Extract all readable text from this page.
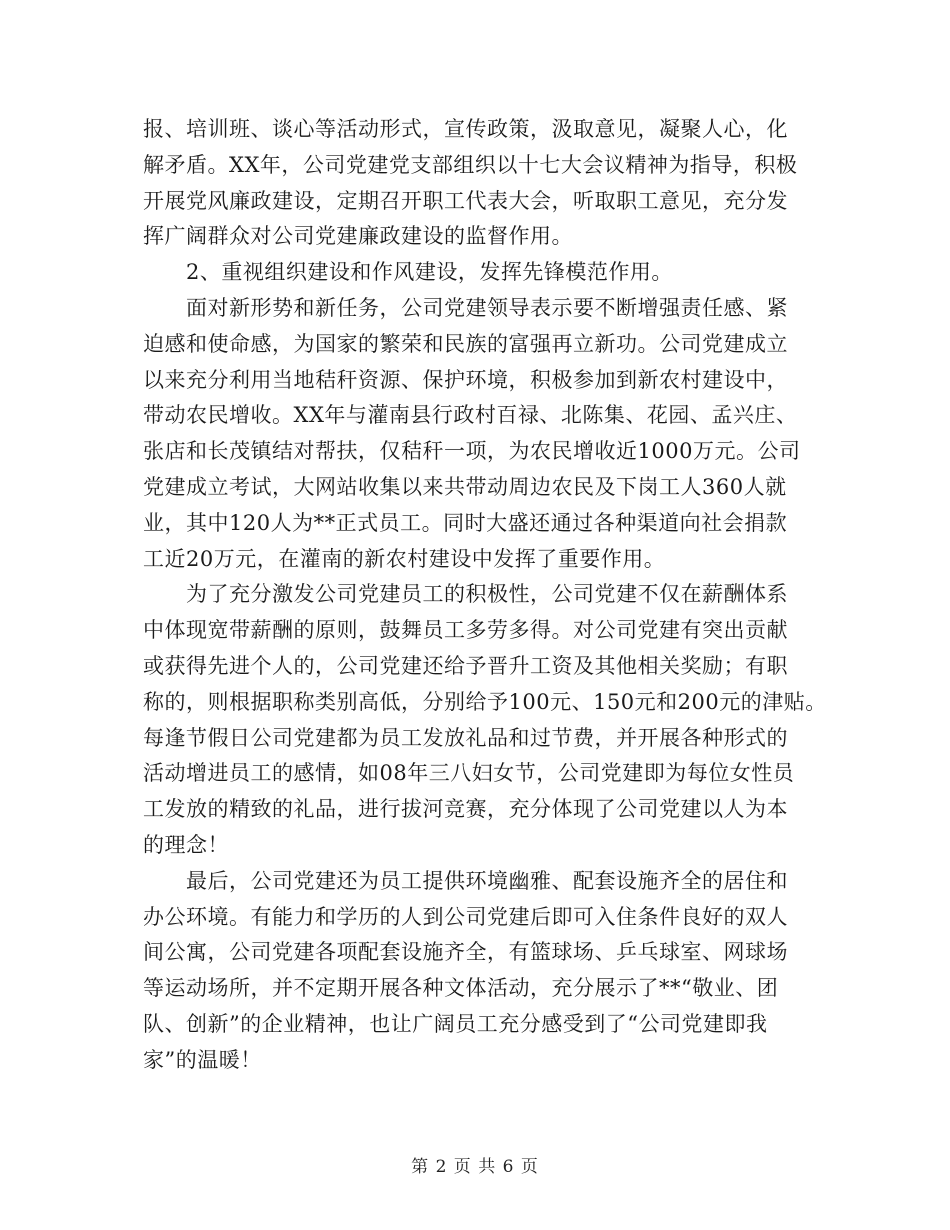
报、培训班、谈心等活动形式，宣传政策，汲取意见，凝聚人心，化
解矛盾。XX年，公司党建党支部组织以十七大会议精神为指导，积极
开展党风廉政建设，定期召开职工代表大会，听取职工意见，充分发
挥广阔群众对公司党建廉政建设的监督作用。
　　2、重视组织建设和作风建设，发挥先锋模范作用。
　　面对新形势和新任务，公司党建领导表示要不断增强责任感、紧
迫感和使命感，为国家的繁荣和民族的富强再立新功。公司党建成立
以来充分利用当地秸秆资源、保护环境，积极参加到新农村建设中，
带动农民增收。XX年与灌南县行政村百禄、北陈集、花园、孟兴庄、
张店和长茂镇结对帮扶，仅秸秆一项，为农民增收近1000万元。公司
党建成立考试，大网站收集以来共带动周边农民及下岗工人360人就
业，其中120人为**正式员工。同时大盛还通过各种渠道向社会捐款
工近20万元，在灌南的新农村建设中发挥了重要作用。
　　为了充分激发公司党建员工的积极性，公司党建不仅在薪酬体系
中体现宽带薪酬的原则，鼓舞员工多劳多得。对公司党建有突出贡献
或获得先进个人的，公司党建还给予晋升工资及其他相关奖励；有职
称的，则根据职称类别高低，分别给予100元、150元和200元的津贴。
每逢节假日公司党建都为员工发放礼品和过节费，并开展各种形式的
活动增进员工的感情，如08年三八妇女节，公司党建即为每位女性员
工发放的精致的礼品，进行拔河竞赛，充分体现了公司党建以人为本
的理念！
　　最后，公司党建还为员工提供环境幽雅、配套设施齐全的居住和
办公环境。有能力和学历的人到公司党建后即可入住条件良好的双人
间公寓，公司党建各项配套设施齐全，有篮球场、乒乓球室、网球场
等运动场所，并不定期开展各种文体活动，充分展示了**“敬业、团
队、创新”的企业精神，也让广阔员工充分感受到了“公司党建即我
家”的温暖！
第 2 页 共 6 页
